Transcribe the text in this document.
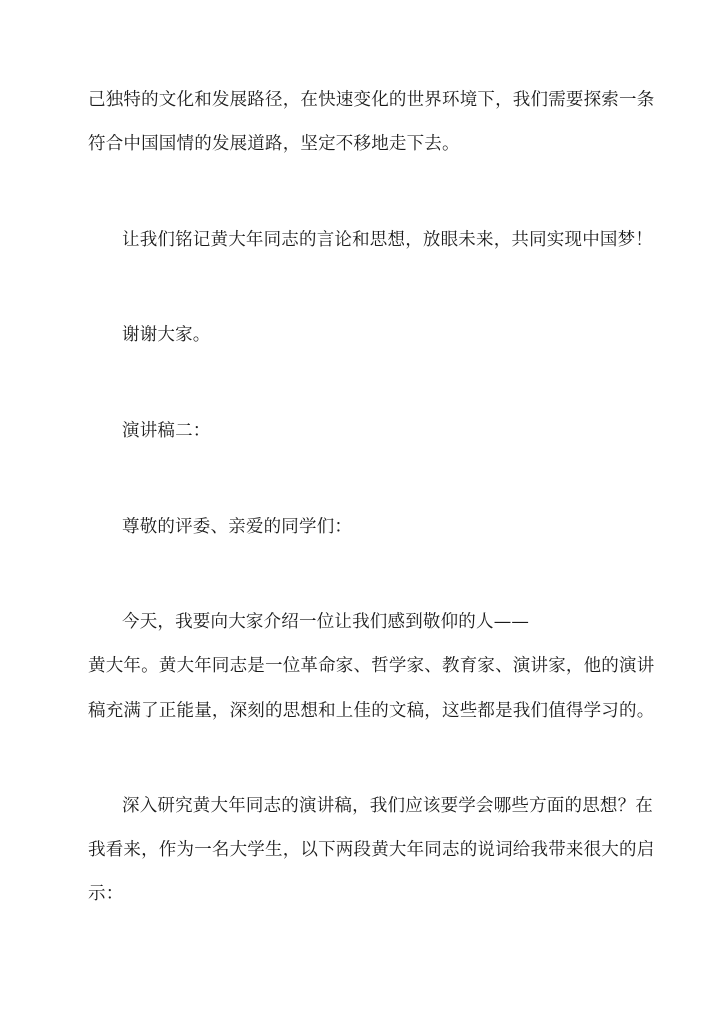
己独特的文化和发展路径，在快速变化的世界环境下，我们需要探索一条
符合中国国情的发展道路，坚定不移地走下去。
让我们铭记黄大年同志的言论和思想，放眼未来，共同实现中国梦！
谢谢大家。
演讲稿二：
尊敬的评委、亲爱的同学们：
今天，我要向大家介绍一位让我们感到敬仰的人——
黄大年。黄大年同志是一位革命家、哲学家、教育家、演讲家，他的演讲
稿充满了正能量，深刻的思想和上佳的文稿，这些都是我们值得学习的。
深入研究黄大年同志的演讲稿，我们应该要学会哪些方面的思想？在
我看来，作为一名大学生，以下两段黄大年同志的说词给我带来很大的启
示：
